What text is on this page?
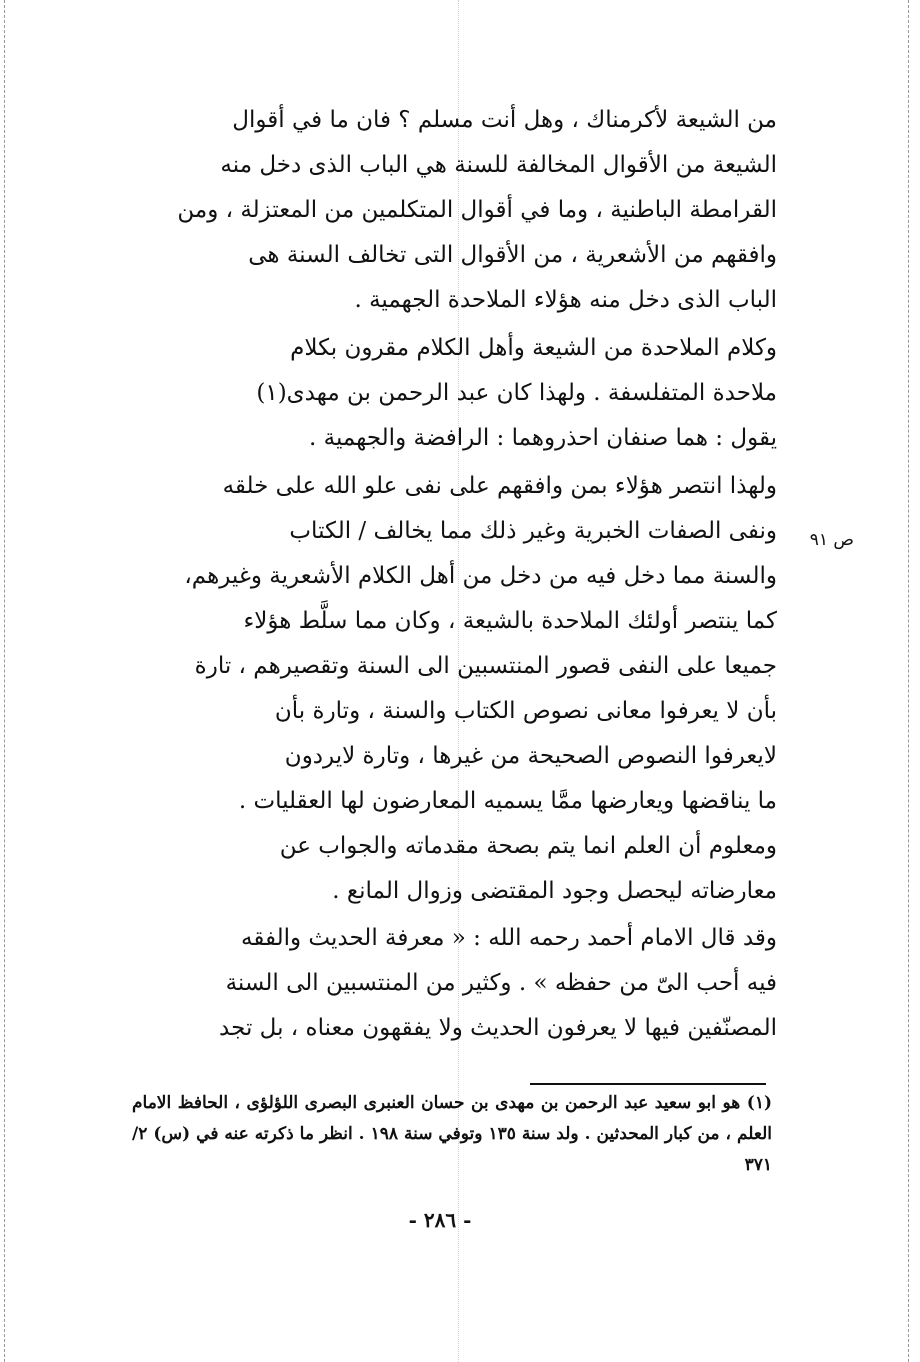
من الشيعة لأكرمناك ، وهل أنت مسلم ؟ فان ما في أقوال
الشيعة من الأقوال المخالفة للسنة هي الباب الذى دخل منه
القرامطة الباطنية ، وما في أقوال المتكلمين من المعتزلة ، ومن
وافقهم من الأشعرية ، من الأقوال التى تخالف السنة هى
الباب الذى دخل منه هؤلاء الملاحدة الجهمية .
وكلام الملاحدة من الشيعة وأهل الكلام مقرون بكلام
ملاحدة المتفلسفة . ولهذا كان عبد الرحمن بن مهدى(١)
يقول : هما صنفان احذروهما : الرافضة والجهمية .
ولهذا انتصر هؤلاء بمن وافقهم على نفى علو الله على خلقه
ونفى الصفات الخبرية وغير ذلك مما يخالف / الكتاب
والسنة مما دخل فيه من دخل من أهل الكلام الأشعرية وغيرهم،
كما ينتصر أولئك الملاحدة بالشيعة ، وكان مما سلَّط هؤلاء
جميعا على النفى قصور المنتسبين الى السنة وتقصيرهم ، تارة
بأن لا يعرفوا معانى نصوص الكتاب والسنة ، وتارة بأن
لايعرفوا النصوص الصحيحة من غيرها ، وتارة لايردون
ما يناقضها ويعارضها ممَّا يسميه المعارضون لها العقليات .
ص ٩١
ومعلوم أن العلم انما يتم بصحة مقدماته والجواب عن
معارضاته ليحصل وجود المقتضى وزوال المانع .
وقد قال الامام أحمد رحمه الله : « معرفة الحديث والفقه
فيه أحب الىّ من حفظه » . وكثير من المنتسبين الى السنة
المصنّفين فيها لا يعرفون الحديث ولا يفقهون معناه ، بل تجد

(١) هو ابو سعيد عبد الرحمن بن مهدى بن حسان العنبرى البصرى اللؤلؤى ، الحافظ الامام العلم ، من كبار المحدثين . ولد سنة ١٣٥ وتوفي سنة ١٩٨ . انظر ما ذكرته عنه في (س) ٢/ ٣٧١

- ٢٨٦ -
